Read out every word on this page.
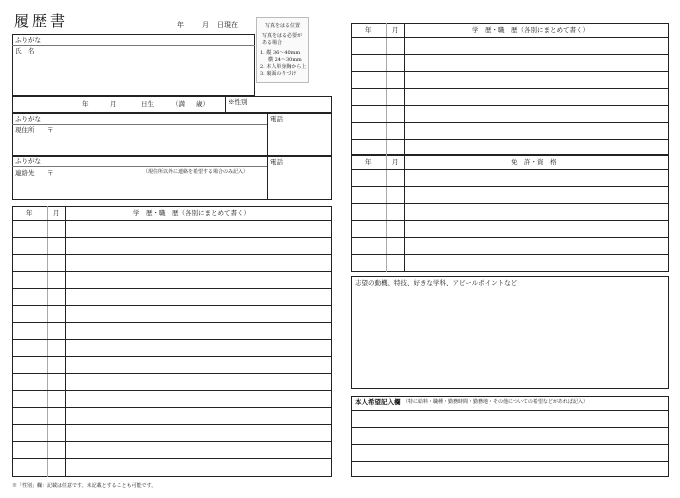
履歴書	年	月 日現在	写真をはる位置
写真をはる必要が
ある場合
1. 縦 36〜40mm
横 24〜30mm
2. 本人単身胸から上
3. 裏面のりづけ
ふりがな
氏　名
年	月	日生	（満 歳）	※性別
ふりがな
現住所 〒
電話
ふりがな
連絡先 〒	（現住所以外に連絡を希望する場合のみ記入）
電話
年	月	学　歴・職　歴（各別にまとめて書く）
※「性別」欄：記載は任意です。未記載とすることも可能です。
年	月	学　歴・職　歴（各別にまとめて書く）
年	月	免　許・資　格
志望の動機、特技、好きな学科、アピールポイントなど
本人希望記入欄 （特に給料・職種・勤務時間・勤務地・その他についての希望などがあれば記入）
